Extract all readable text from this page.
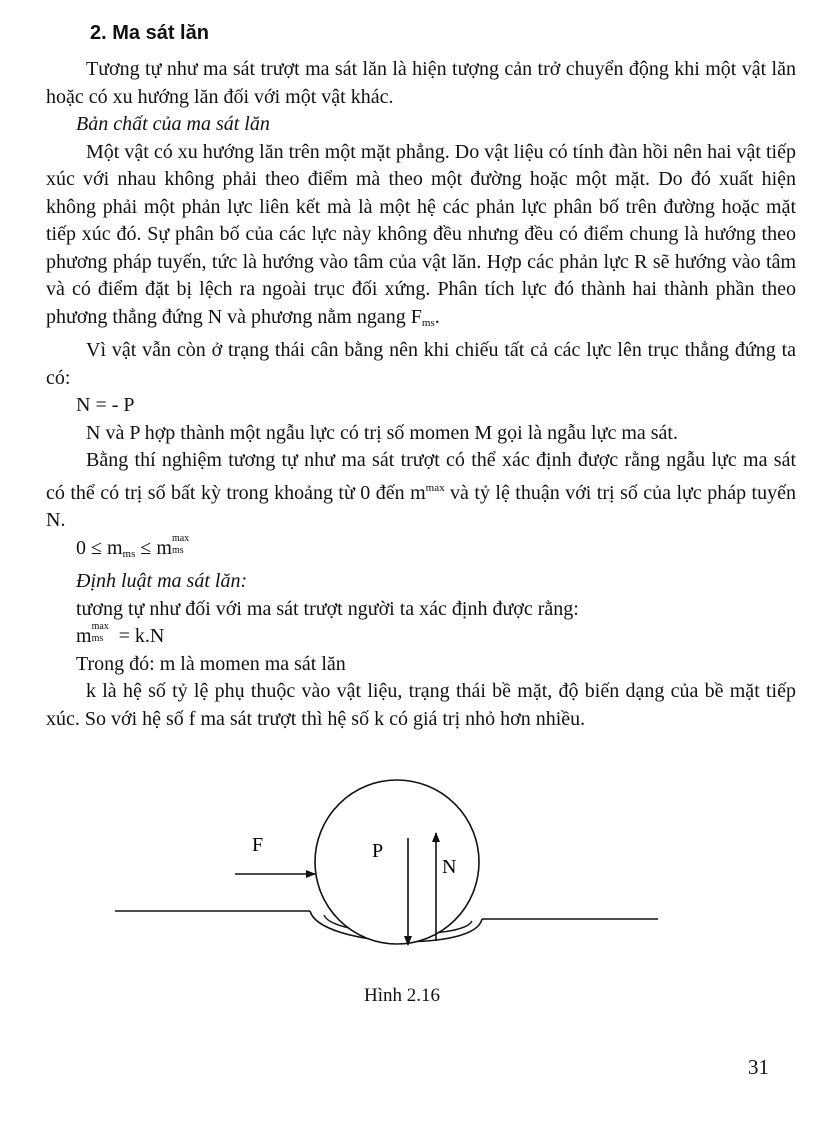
2. Ma sát lăn

Tương tự như ma sát trượt ma sát lăn là hiện tượng cản trở chuyển động khi một vật lăn hoặc có xu hướng lăn đối với một vật khác.

Bản chất của ma sát lăn

Một vật có xu hướng lăn trên một mặt phẳng. Do vật liệu có tính đàn hồi nên hai vật tiếp xúc với nhau không phải theo điểm mà theo một đường hoặc một mặt. Do đó xuất hiện không phải một phản lực liên kết mà là một hệ các phản lực phân bố trên đường hoặc mặt tiếp xúc đó. Sự phân bố của các lực này không đều nhưng đều có điểm chung là hướng theo phương pháp tuyến, tức là hướng vào tâm của vật lăn. Hợp các phản lực R sẽ hướng vào tâm và có điểm đặt bị lệch ra ngoài trục đối xứng. Phân tích lực đó thành hai thành phần theo phương thẳng đứng N và phương nằm ngang $F_{ms}$.

Vì vật vẫn còn ở trạng thái cân bằng nên khi chiếu tất cả các lực lên trục thẳng đứng ta có:

N = - P

N và P hợp thành một ngẫu lực có trị số momen M gọi là ngẫu lực ma sát.

Bằng thí nghiệm tương tự như ma sát trượt có thể xác định được rằng ngẫu lực ma sát có thể có trị số bất kỳ trong khoảng từ 0 đến $m^{max}$ và tỷ lệ thuận với trị số của lực pháp tuyến N.

$0 \le m_{ms} \le m$ max
ms

Định luật ma sát lăn:

tương tự như đối với ma sát trượt người ta xác định được rằng:

m max
ms = k.N

Trong đó: m là momen ma sát lăn

k là hệ số tỷ lệ phụ thuộc vào vật liệu, trạng thái bề mặt, độ biến dạng của bề mặt tiếp xúc. So với hệ số f ma sát trượt thì hệ số k có giá trị nhỏ hơn nhiều.

F	P
N
Hình 2.16
31
